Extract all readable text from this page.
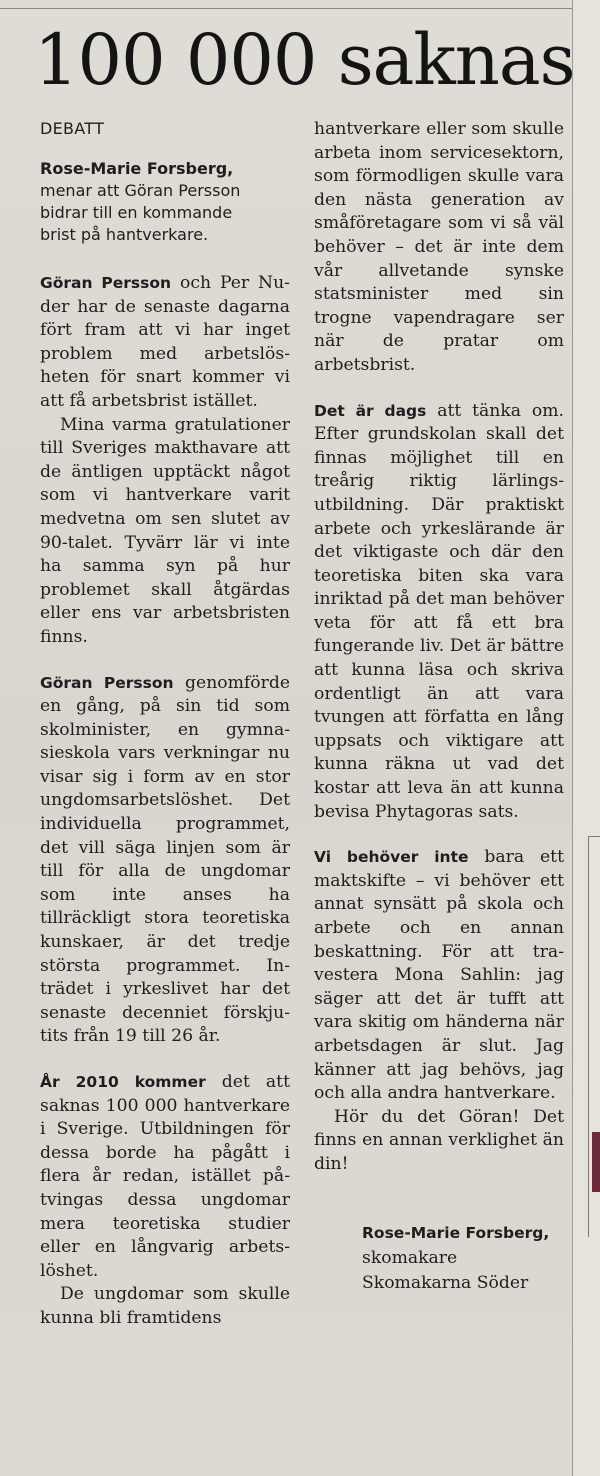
100 000 saknas
DEBATT
Rose-Marie Forsberg,
menar att Göran Persson
bidrar till en kommande
brist på hantverkare.

Göran Persson och Per Nuder har de senaste dagarna fört fram att vi har inget problem med arbetslösheten för snart kommer vi att få arbetsbrist istället.

Mina varma gratulationer till Sveriges makthavare att de äntligen upptäckt något som vi hantverkare varit medvetna om sen slutet av 90-talet. Tyvärr lär vi inte ha samma syn på hur problemet skall åtgärdas eller ens var arbetsbristen finns.

Göran Persson genomförde en gång, på sin tid som skolminister, en gymnasieskola vars verkningar nu visar sig i form av en stor ungdomsarbetslöshet. Det individuella programmet, det vill säga linjen som är till för alla de ungdomar som inte anses ha tillräckligt stora teoretiska kunskaer, är det tredje största programmet. Inträdet i yrkeslivet har det senaste decenniet förskjutits från 19 till 26 år.

År 2010 kommer det att saknas 100 000 hantverkare i Sverige. Utbildningen för dessa borde ha pågått i flera år redan, istället påtvingas dessa ungdomar mera teoretiska studier eller en långvarig arbetslöshet.

De ungdomar som skulle kunna bli framtidens

hantverkare eller som skulle arbeta inom servicesektorn, som förmodligen skulle vara den nästa generation av småföretagare som vi så väl behöver – det är inte dem vår allvetande synske statsminister med sin trogne vapendragare ser när de pratar om arbetsbrist.

Det är dags att tänka om. Efter grundskolan skall det finnas möjlighet till en treårig riktig lärlingsutbildning. Där praktiskt arbete och yrkeslärande är det viktigaste och där den teoretiska biten ska vara inriktad på det man behöver veta för att få ett bra fungerande liv. Det är bättre att kunna läsa och skriva ordentligt än att vara tvungen att författa en lång uppsats och viktigare att kunna räkna ut vad det kostar att leva än att kunna bevisa Phytagoras sats.

Vi behöver inte bara ett maktskifte – vi behöver ett annat synsätt på skola och arbete och en annan beskattning. För att travestera Mona Sahlin: jag säger att det är tufft att vara skitig om händerna när arbetsdagen är slut. Jag känner att jag behövs, jag och alla andra hantverkare.

Hör du det Göran! Det finns en annan verklighet än din!

Rose-Marie Forsberg,
skomakare
Skomakarna Söder
